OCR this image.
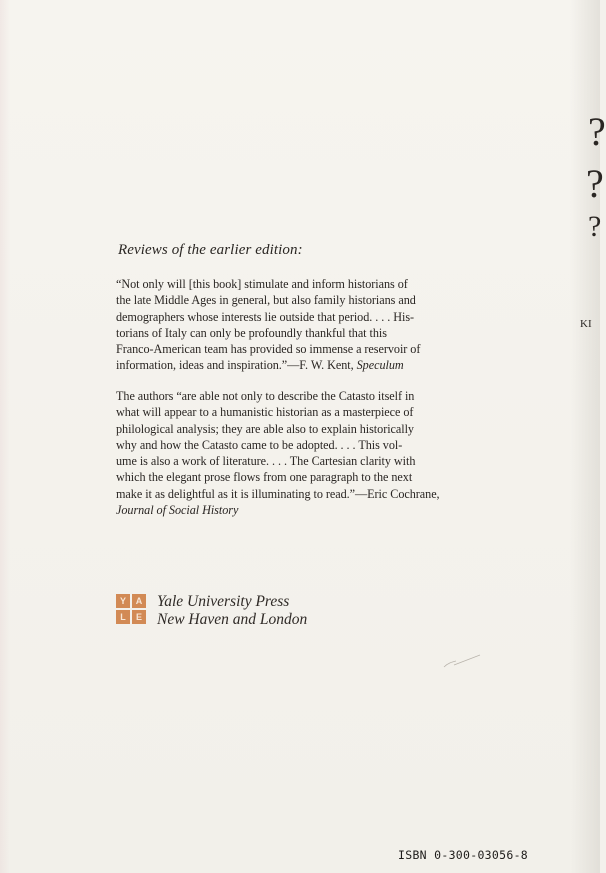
Reviews of the earlier edition:
“Not only will [this book] stimulate and inform historians of
the late Middle Ages in general, but also family historians and
demographers whose interests lie outside that period. . . . His-
torians of Italy can only be profoundly thankful that this
Franco-American team has provided so immense a reservoir of
information, ideas and inspiration.”—F. W. Kent, Speculum
The authors “are able not only to describe the Catasto itself in
what will appear to a humanistic historian as a masterpiece of
philological analysis; they are able also to explain historically
why and how the Catasto came to be adopted. . . . This vol-
ume is also a work of literature. . . . The Cartesian clarity with
which the elegant prose flows from one paragraph to the next
make it as delightful as it is illuminating to read.”—Eric Cochrane,
Journal of Social History
Y	A
L	E
Yale University Press
New Haven and London
ISBN 0-300-03056-8
?
?
?
KI
